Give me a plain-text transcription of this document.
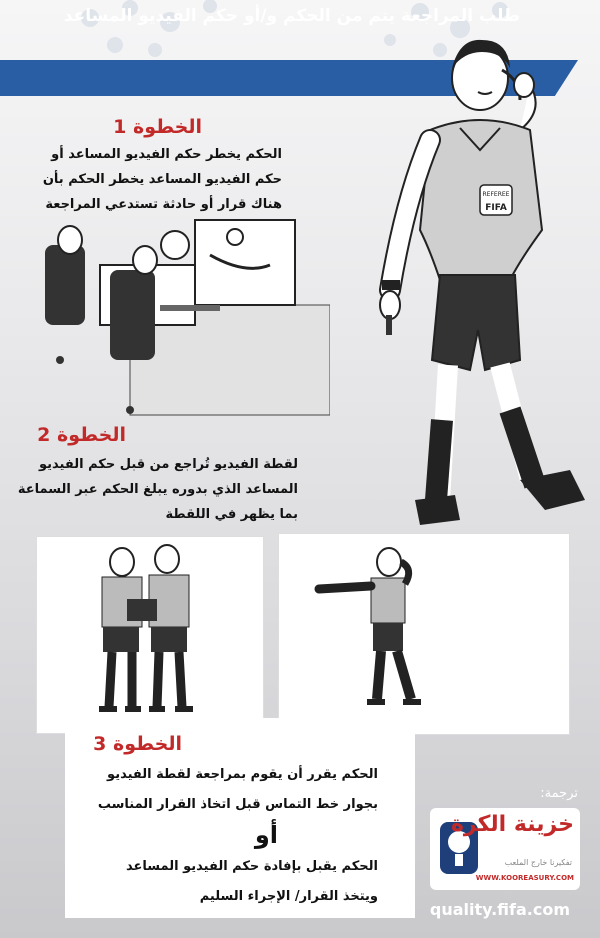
طلب المراجعة يتم من الحكم و/أو حكم الفيديو المساعد
REFEREE
FIFA
الخطوة 1
الحكم يخطر حكم الفيديو المساعد أو
حكم الفيديو المساعد يخطر الحكم بأن
هناك قرار أو حادثة تستدعي المراجعة
الخطوة 2
لقطة الفيديو تُراجع من قبل حكم الفيديو
المساعد الذي بدوره يبلغ الحكم عبر السماعة
بما يظهر في اللقطة
الخطوة 3
الحكم يقرر أن يقوم بمراجعة لقطة الفيديو
بجوار خط التماس قبل اتخاذ القرار المناسب
أو
الحكم يقبل بإفادة حكم الفيديو المساعد
ويتخذ القرار/ الإجراء السليم
ترجمة:
خزينة الكرة
تفكيرنا خارج الملعب
WWW.KOOREASURY.COM
quality.fifa.com
